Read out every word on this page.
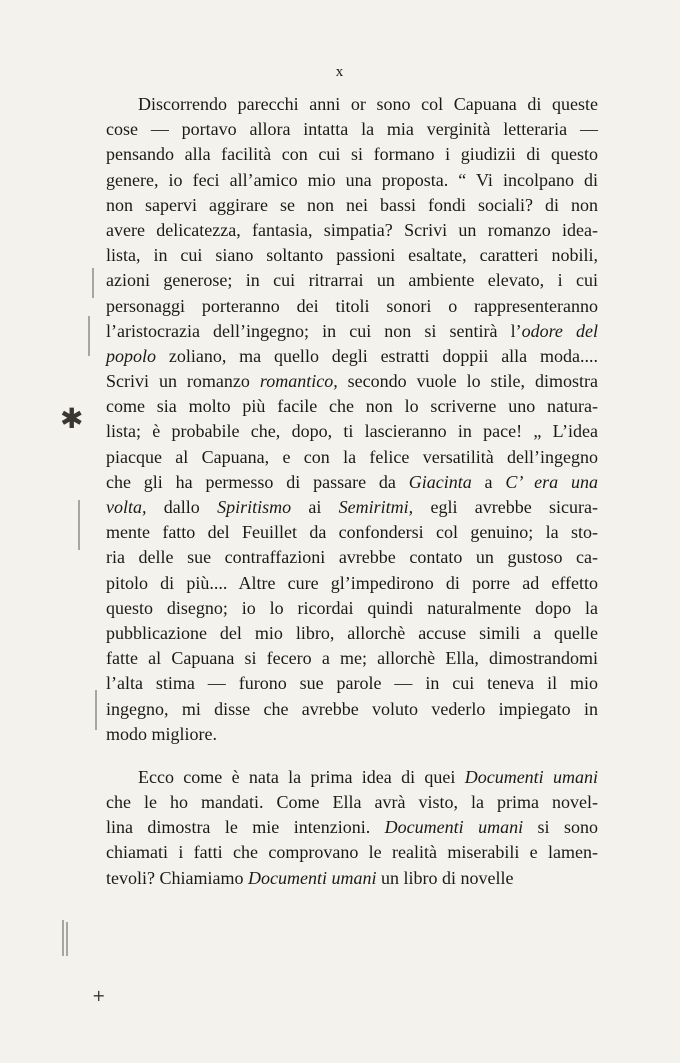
x
Discorrendo parecchi anni or sono col Capuana di queste
cose — portavo allora intatta la mia verginità letteraria —
pensando alla facilità con cui si formano i giudizii di questo
genere, io feci all’amico mio una proposta. “ Vi incolpano di
non sapervi aggirare se non nei bassi fondi sociali? di non
avere delicatezza, fantasia, simpatia? Scrivi un romanzo idea-
lista, in cui siano soltanto passioni esaltate, caratteri nobili,
azioni generose; in cui ritrarrai un ambiente elevato, i cui
personaggi porteranno dei titoli sonori o rappresenteranno
l’aristocrazia dell’ingegno; in cui non si sentirà l’odore del
popolo zoliano, ma quello degli estratti doppii alla moda....
Scrivi un romanzo romantico, secondo vuole lo stile, dimostra
come sia molto più facile che non lo scriverne uno natura-
lista; è probabile che, dopo, ti lascieranno in pace! „ L’idea
piacque al Capuana, e con la felice versatilità dell’ingegno
che gli ha permesso di passare da Giacinta a C’ era una
volta, dallo Spiritismo ai Semiritmi, egli avrebbe sicura-
mente fatto del Feuillet da confondersi col genuino; la sto-
ria delle sue contraffazioni avrebbe contato un gustoso ca-
pitolo di più.... Altre cure gl’impedirono di porre ad effetto
questo disegno; io lo ricordai quindi naturalmente dopo la
pubblicazione del mio libro, allorchè accuse simili a quelle
fatte al Capuana si fecero a me; allorchè Ella, dimostrandomi
l’alta stima — furono sue parole — in cui teneva il mio
ingegno, mi disse che avrebbe voluto vederlo impiegato in
modo migliore.
Ecco come è nata la prima idea di quei Documenti umani
che le ho mandati. Come Ella avrà visto, la prima novel-
lina dimostra le mie intenzioni. Documenti umani si sono
chiamati i fatti che comprovano le realità miserabili e lamen-
tevoli? Chiamiamo Documenti umani un libro di novelle
✱
+
